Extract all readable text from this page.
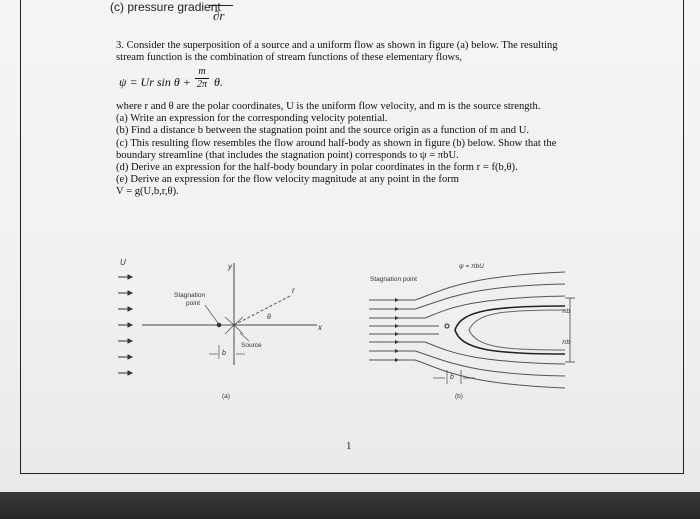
(c) pressure gradient
∂r

3. Consider the superposition of a source and a uniform flow as shown in figure (a) below. The resulting stream function is the combination of stream functions of these elementary flows,

ψ = Ur sin θ +
m
2π θ.

where r and θ are the polar coordinates, U is the uniform flow velocity, and m is the source strength.

(a) Write an expression for the corresponding velocity potential.

(b) Find a distance b between the stagnation point and the source origin as a function of m and U.

(c) This resulting flow resembles the flow around half-body as shown in figure (b) below. Show that the boundary streamline (that includes the stagnation point) corresponds to ψ = πbU.

(d) Derive an expression for the half-body boundary in polar coordinates in the form r = f(b,θ).

(e) Derive an expression for the flow velocity magnitude at any point in the form

V = g(U,b,r,θ).

U	y
x
r
θ
Stagnation
point
Source
b
(a)
ψ = πbU
Stagnation point
πb
πb
b
(b)
1
